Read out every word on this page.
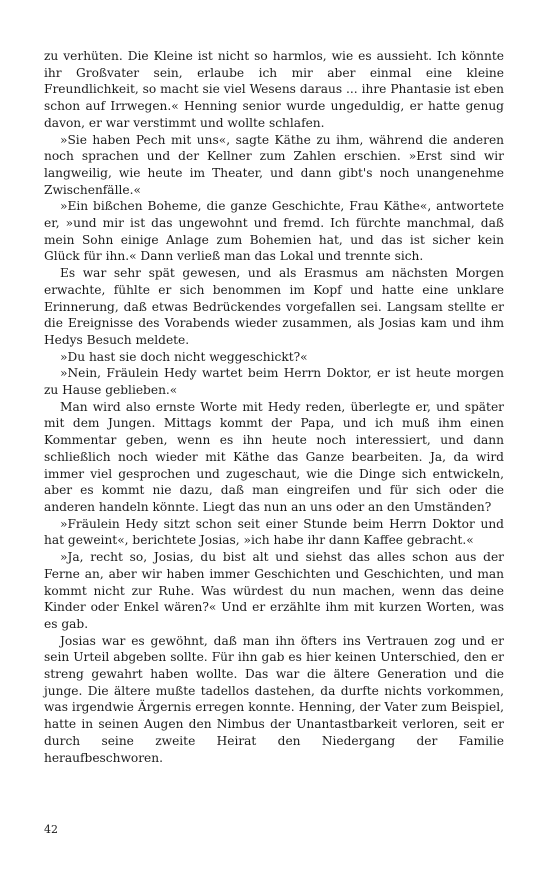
zu verhüten. Die Kleine ist nicht so harmlos, wie es aussieht. Ich könnte ihr Großvater sein, erlaube ich mir aber einmal eine kleine Freundlichkeit, so macht sie viel Wesens daraus ... ihre Phantasie ist eben schon auf Irrwegen.« Henning senior wurde ungeduldig, er hatte genug davon, er war verstimmt und wollte schlafen.

»Sie haben Pech mit uns«, sagte Käthe zu ihm, während die anderen noch sprachen und der Kellner zum Zahlen erschien. »Erst sind wir langweilig, wie heute im Theater, und dann gibt's noch unangenehme Zwischenfälle.«

»Ein bißchen Boheme, die ganze Geschichte, Frau Käthe«, antwortete er, »und mir ist das ungewohnt und fremd. Ich fürchte manchmal, daß mein Sohn einige Anlage zum Bohemien hat, und das ist sicher kein Glück für ihn.« Dann verließ man das Lokal und trennte sich.

Es war sehr spät gewesen, und als Erasmus am nächsten Morgen erwachte, fühlte er sich benommen im Kopf und hatte eine unklare Erinnerung, daß etwas Bedrückendes vorgefallen sei. Langsam stellte er die Ereignisse des Vorabends wieder zusammen, als Josias kam und ihm Hedys Besuch meldete.

»Du hast sie doch nicht weggeschickt?«

»Nein, Fräulein Hedy wartet beim Herrn Doktor, er ist heute morgen zu Hause geblieben.«

Man wird also ernste Worte mit Hedy reden, überlegte er, und später mit dem Jungen. Mittags kommt der Papa, und ich muß ihm einen Kommentar geben, wenn es ihn heute noch interessiert, und dann schließlich noch wieder mit Käthe das Ganze bearbeiten. Ja, da wird immer viel gesprochen und zugeschaut, wie die Dinge sich entwickeln, aber es kommt nie dazu, daß man eingreifen und für sich oder die anderen handeln könnte. Liegt das nun an uns oder an den Umständen?

»Fräulein Hedy sitzt schon seit einer Stunde beim Herrn Doktor und hat geweint«, berichtete Josias, »ich habe ihr dann Kaffee gebracht.«

»Ja, recht so, Josias, du bist alt und siehst das alles schon aus der Ferne an, aber wir haben immer Geschichten und Geschichten, und man kommt nicht zur Ruhe. Was würdest du nun machen, wenn das deine Kinder oder Enkel wären?« Und er erzählte ihm mit kurzen Worten, was es gab.

Josias war es gewöhnt, daß man ihn öfters ins Vertrauen zog und er sein Urteil abgeben sollte. Für ihn gab es hier keinen Unterschied, den er streng gewahrt haben wollte. Das war die ältere Generation und die junge. Die ältere mußte tadellos dastehen, da durfte nichts vorkommen, was irgendwie Ärgernis erregen konnte. Henning, der Vater zum Beispiel, hatte in seinen Augen den Nimbus der Unantastbarkeit verloren, seit er durch seine zweite Heirat den Niedergang der Familie heraufbeschworen.

42
